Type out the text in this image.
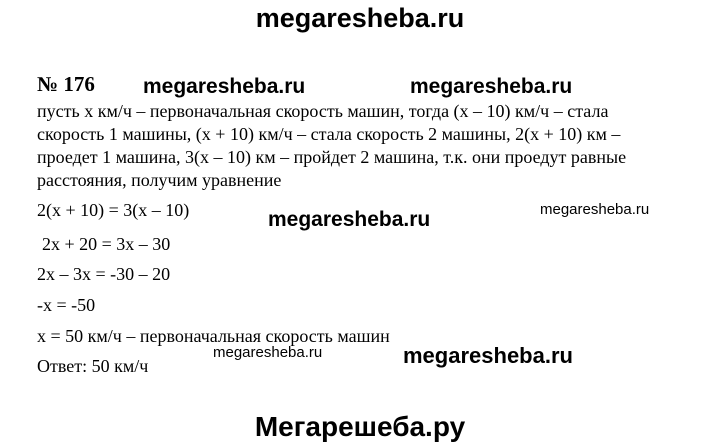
megaresheba.ru
№ 176 megaresheba.ru	megaresheba.ru
пусть х км/ч – первоначальная скорость машин, тогда (х – 10) км/ч – стала
скорость 1 машины, (х + 10) км/ч – стала скорость 2 машины, 2(х + 10) км –
проедет 1 машина, 3(х – 10) км – пройдет 2 машина, т.к. они проедут равные
расстояния, получим уравнение
2(х + 10) = 3(х – 10)	megaresheba.ru	megaresheba.ru
2х + 20 = 3х – 30
2х – 3х = -30 – 20
-х = -50
х = 50 км/ч – первоначальная скорость машин
megaresheba.ru	megaresheba.ru
Ответ: 50 км/ч
Мегарешеба.ру
